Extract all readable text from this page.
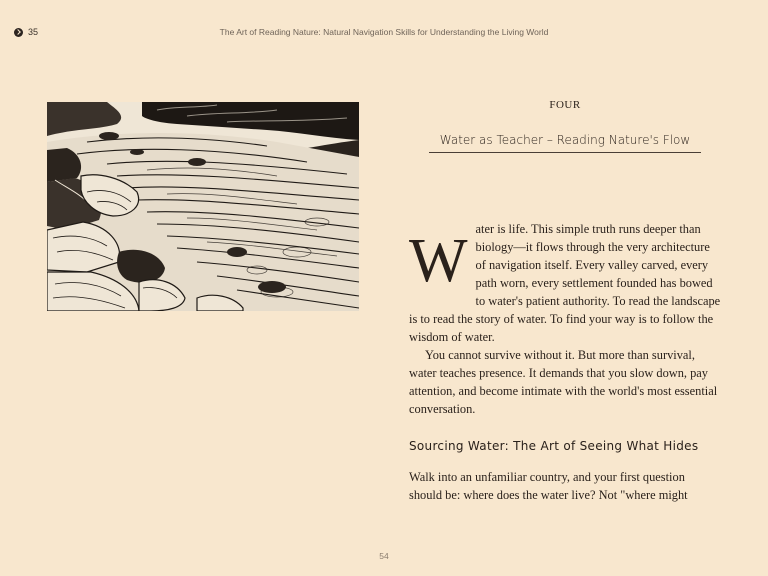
35	The Art of Reading Nature: Natural Navigation Skills for Understanding the Living World
FOUR
Water as Teacher – Reading Nature's Flow
W ater is life. This simple truth runs deeper than biology—it flows through the very architecture of navigation itself. Every valley carved, every path worn, every settlement founded has bowed to water's patient authority. To read the landscape is to read the story of water. To find your way is to follow the wisdom of water.

You cannot survive without it. But more than survival, water teaches presence. It demands that you slow down, pay attention, and become intimate with the world's most essential conversation.

Sourcing Water: The Art of Seeing What Hides

Walk into an unfamiliar country, and your first question should be: where does the water live? Not "where might

54
